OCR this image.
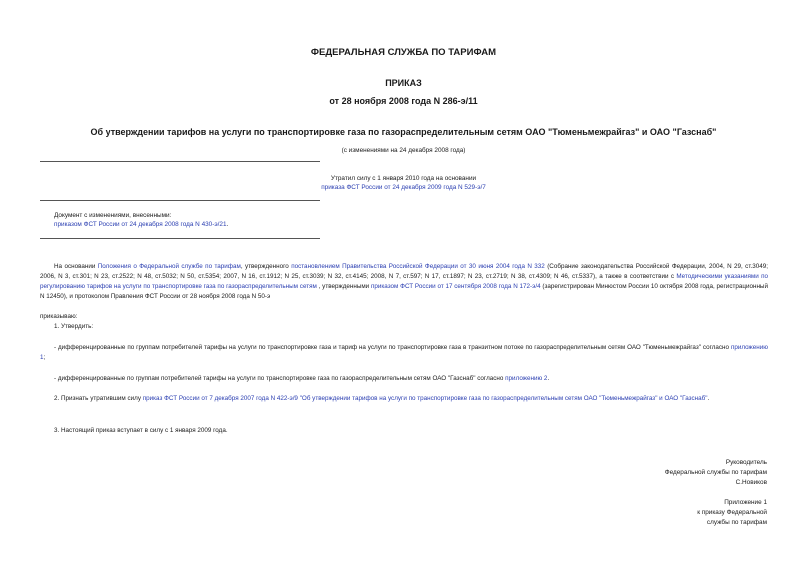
ФЕДЕРАЛЬНАЯ СЛУЖБА ПО ТАРИФАМ
ПРИКАЗ
от 28 ноября 2008 года N 286-э/11
Об утверждении тарифов на услуги по транспортировке газа по газораспределительным сетям ОАО "Тюменьмежрайгаз" и ОАО "Газснаб"
(с изменениями на 24 декабря 2008 года)
Утратил силу с 1 января 2010 года на основании
приказа ФСТ России от 24 декабря 2009 года N 529-э/7
Документ с изменениями, внесенными:
приказом ФСТ России от 24 декабря 2008 года N 430-э/21.
На основании Положения о Федеральной службе по тарифам, утвержденного постановлением Правительства Российской Федерации от 30 июня 2004 года N 332 (Собрание законодательства Российской Федерации, 2004, N 29, ст.3049; 2006, N 3, ст.301; N 23, ст.2522; N 48, ст.5032; N 50, ст.5354; 2007, N 16, ст.1912; N 25, ст.3039; N 32, ст.4145; 2008, N 7, ст.597; N 17, ст.1897; N 23, ст.2719; N 38, ст.4309; N 46, ст.5337), а также в соответствии с Методическими указаниями по регулированию тарифов на услуги по транспортировке газа по газораспределительным сетям , утвержденными приказом ФСТ России от 17 сентября 2008 года N 172-э/4 (зарегистрирован Минюстом России 10 октября 2008 года, регистрационный N 12450), и протоколом Правления ФСТ России от 28 ноября 2008 года N 50-э
приказываю:
1. Утвердить:
- дифференцированные по группам потребителей тарифы на услуги по транспортировке газа и тариф на услуги по транспортировке газа в транзитном потоке по газораспределительным сетям ОАО "Тюменьмежрайгаз" согласно приложению 1;
- дифференцированные по группам потребителей тарифы на услуги по транспортировке газа по газораспределительным сетям ОАО "Газснаб" согласно приложению 2.
2. Признать утратившим силу приказ ФСТ России от 7 декабря 2007 года N 422-э/9 "Об утверждении тарифов на услуги по транспортировке газа по газораспределительным сетям ОАО "Тюменьмежрайгаз" и ОАО "Газснаб".
3. Настоящий приказ вступает в силу с 1 января 2009 года.
Руководитель
Федеральной службы по тарифам
С.Новиков
Приложение 1
к приказу Федеральной
службы по тарифам
